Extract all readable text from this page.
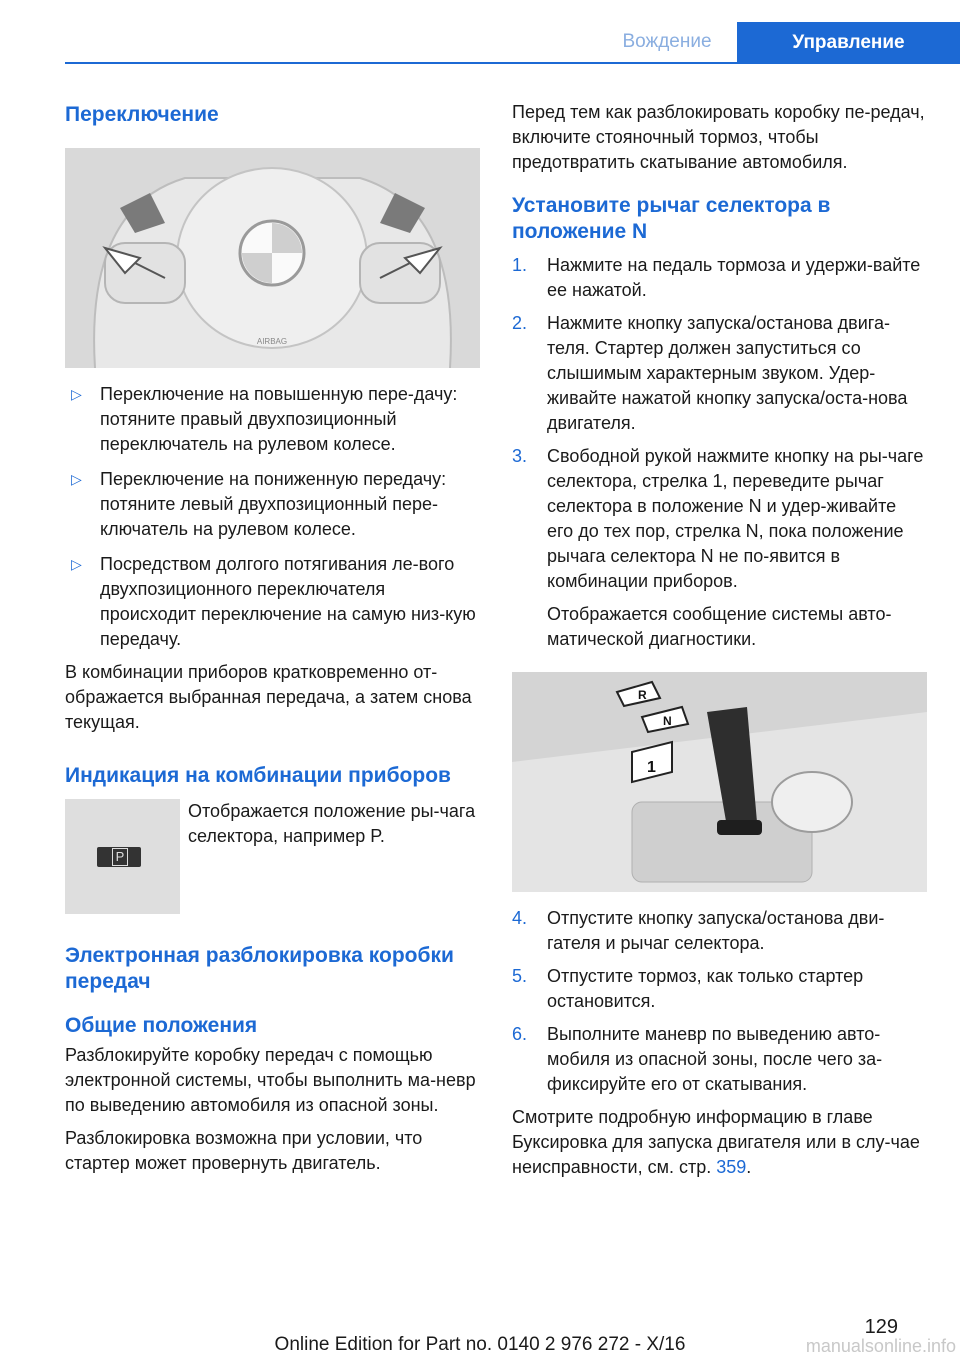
Вождение	Управление
Переключение
AIRBAG
▷ Переключение на повышенную пере-дачу: потяните правый двухпозиционный переключатель на рулевом колесе.
▷ Переключение на пониженную передачу: потяните левый двухпозиционный пере-ключатель на рулевом колесе.
▷ Посредством долгого потягивания ле-вого двухпозиционного переключателя происходит переключение на самую низ-кую передачу.

В комбинации приборов кратковременно от-ображается выбранная передача, а затем снова текущая.

Индикация на комбинации приборов
P

Отображается положение ры-чага селектора, например P.

Электронная разблокировка коробки передач
Общие положения

Разблокируйте коробку передач с помощью электронной системы, чтобы выполнить ма-невр по выведению автомобиля из опасной зоны.

Разблокировка возможна при условии, что стартер может провернуть двигатель.

Перед тем как разблокировать коробку пе-редач, включите стояночный тормоз, чтобы предотвратить скатывание автомобиля.

Установите рычаг селектора в положение N
1. Нажмите на педаль тормоза и удержи-вайте ее нажатой.
2. Нажмите кнопку запуска/останова двига-теля. Стартер должен запуститься со слышимым характерным звуком. Удер-живайте нажатой кнопку запуска/оста-нова двигателя.
3. Свободной рукой нажмите кнопку на ры-чаге селектора, стрелка 1, переведите рычаг селектора в положение N и удер-живайте его до тех пор, стрелка N, пока положение рычага селектора N не по-явится в комбинации приборов.

Отображается сообщение системы авто-матической диагностики.

R
N
1
4. Отпустите кнопку запуска/останова дви-гателя и рычаг селектора.
5. Отпустите тормоз, как только стартер остановится.
6. Выполните маневр по выведению авто-мобиля из опасной зоны, после чего за-фиксируйте его от скатывания.

Смотрите подробную информацию в главе Буксировка для запуска двигателя или в слу-чае неисправности, см. стр. 359.

129
Online Edition for Part no. 0140 2 976 272 - X/16	manualsonline.info
